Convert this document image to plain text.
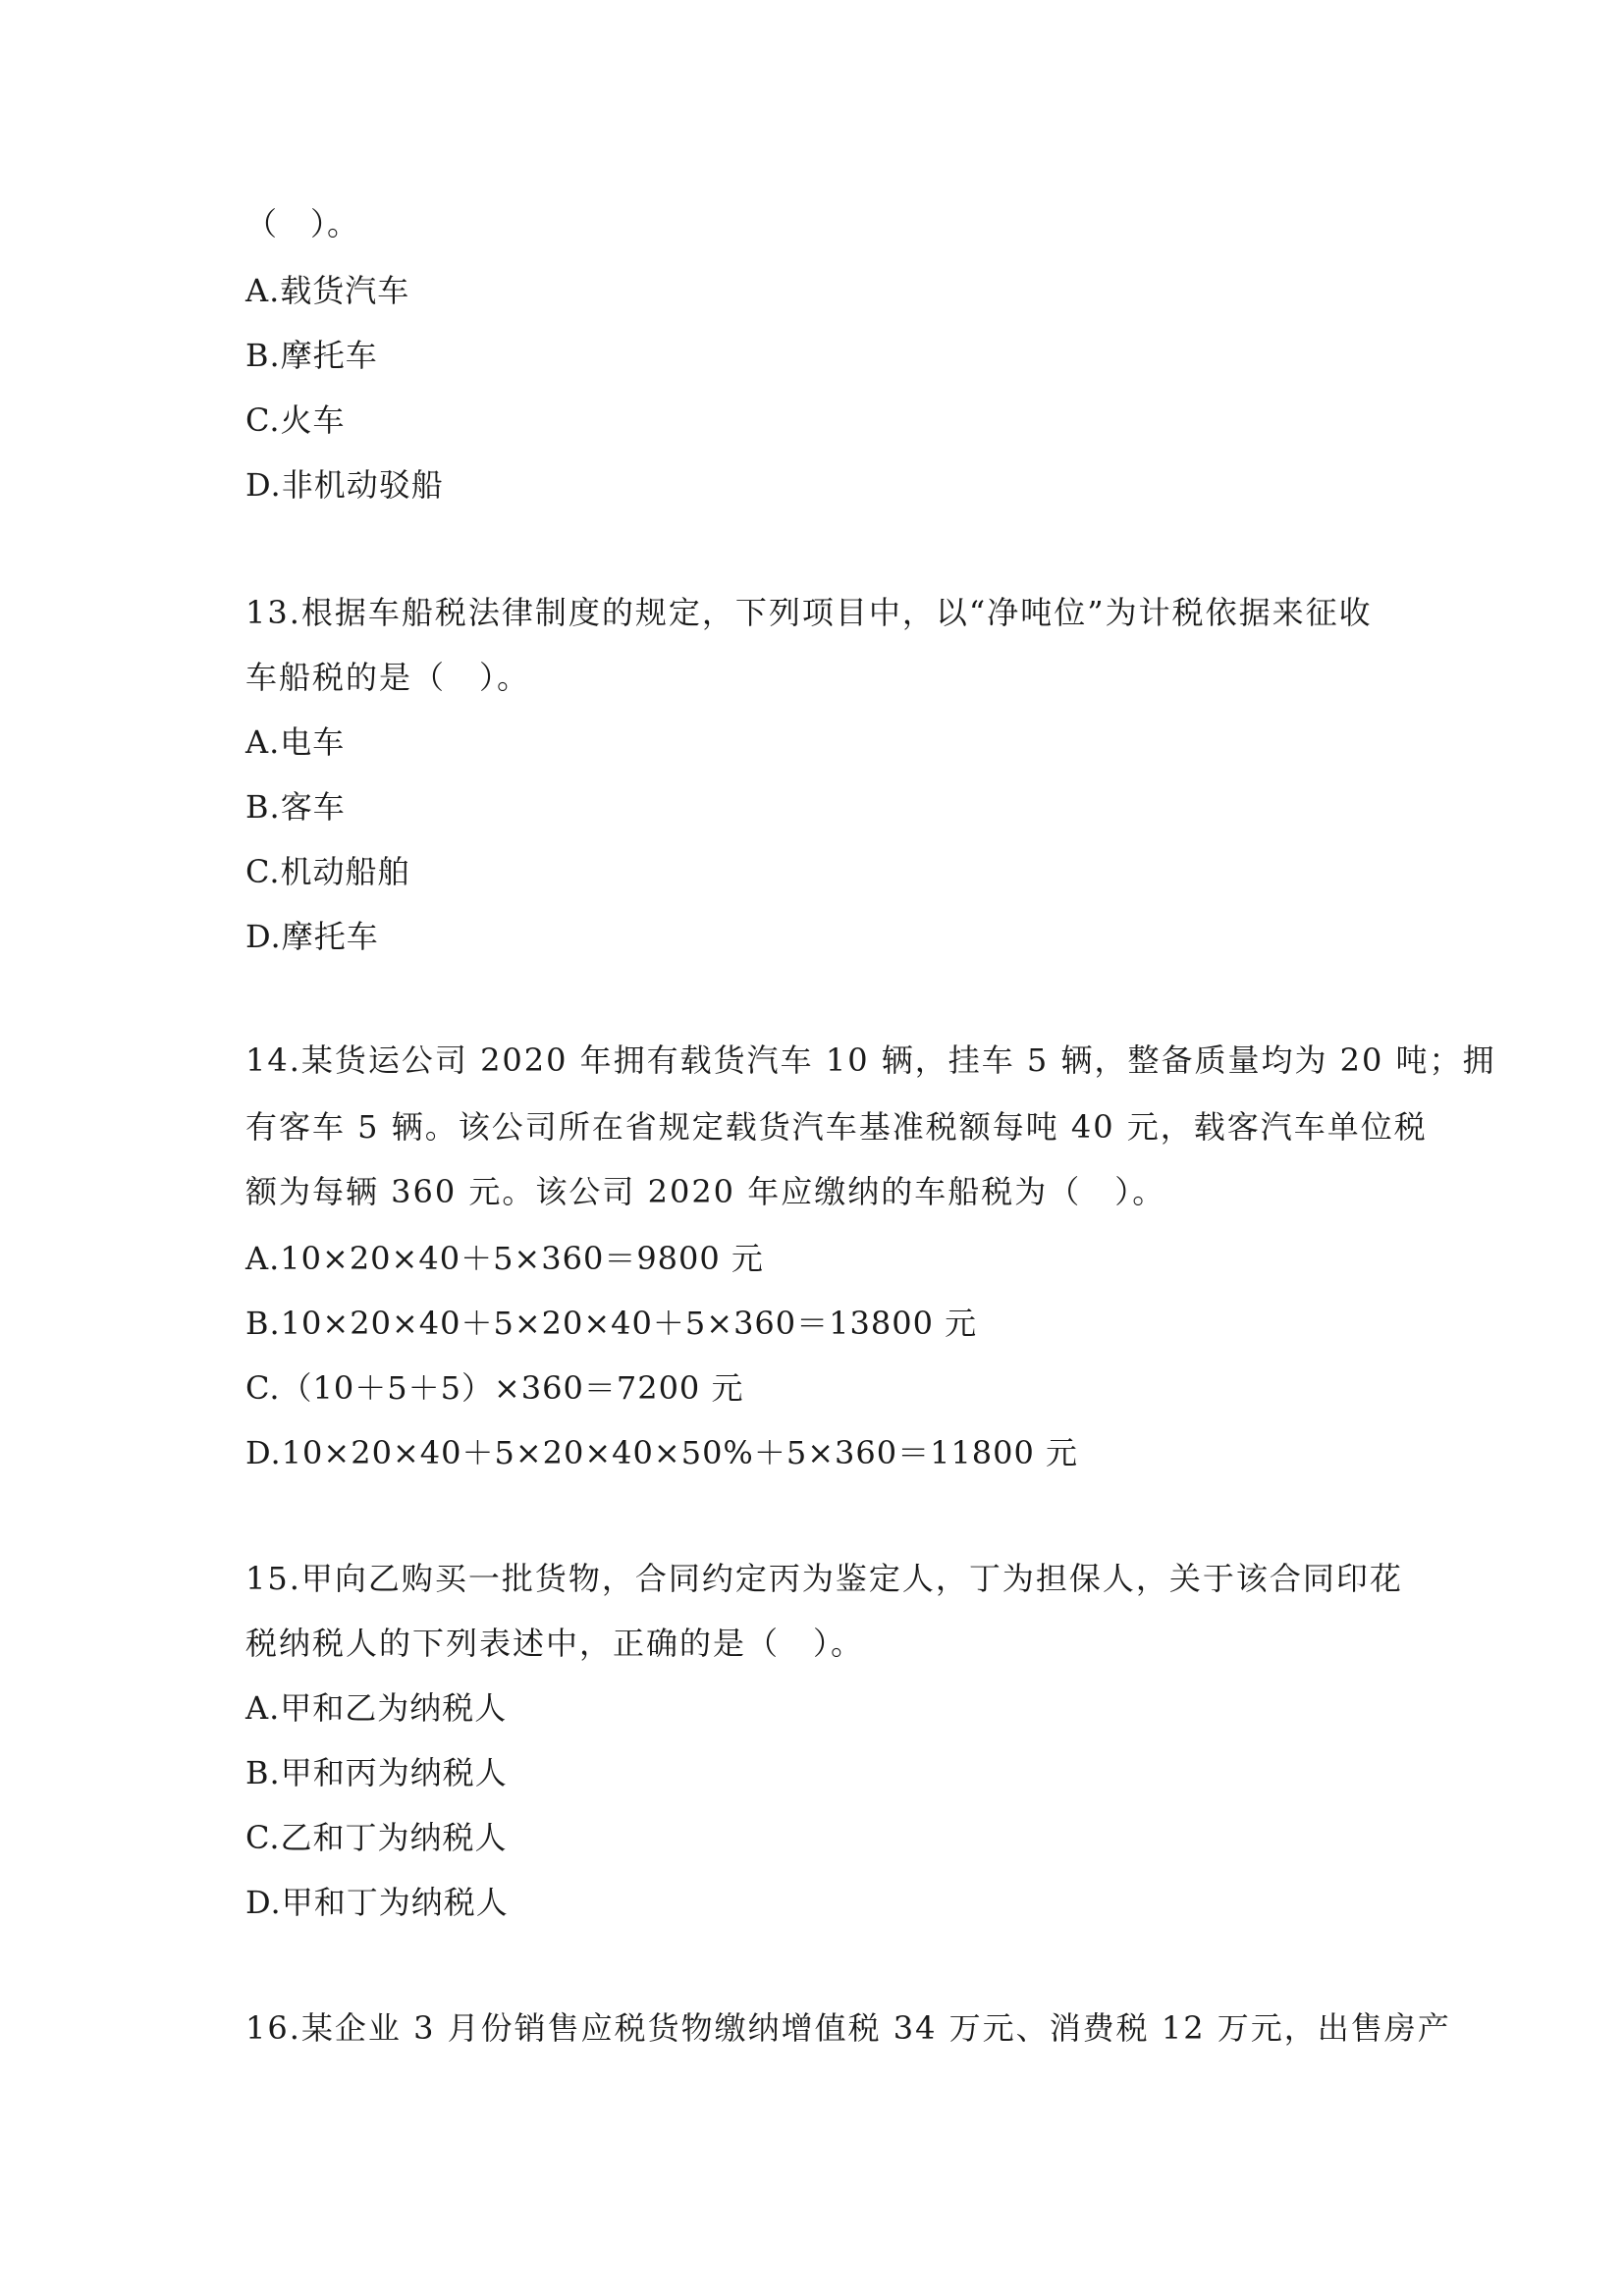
（　）。
A.载货汽车
B.摩托车
C.火车
D.非机动驳船
13.根据车船税法律制度的规定，下列项目中，以“净吨位”为计税依据来征收
车船税的是（　）。
A.电车
B.客车
C.机动船舶
D.摩托车
14.某货运公司 2020 年拥有载货汽车 10 辆，挂车 5 辆，整备质量均为 20 吨；拥
有客车 5 辆。该公司所在省规定载货汽车基准税额每吨 40 元，载客汽车单位税
额为每辆 360 元。该公司 2020 年应缴纳的车船税为（　）。
A.10×20×40＋5×360＝9800 元
B.10×20×40＋5×20×40＋5×360＝13800 元
C.（10＋5＋5）×360＝7200 元
D.10×20×40＋5×20×40×50%＋5×360＝11800 元
15.甲向乙购买一批货物，合同约定丙为鉴定人，丁为担保人，关于该合同印花
税纳税人的下列表述中，正确的是（　）。
A.甲和乙为纳税人
B.甲和丙为纳税人
C.乙和丁为纳税人
D.甲和丁为纳税人
16.某企业 3 月份销售应税货物缴纳增值税 34 万元、消费税 12 万元，出售房产
